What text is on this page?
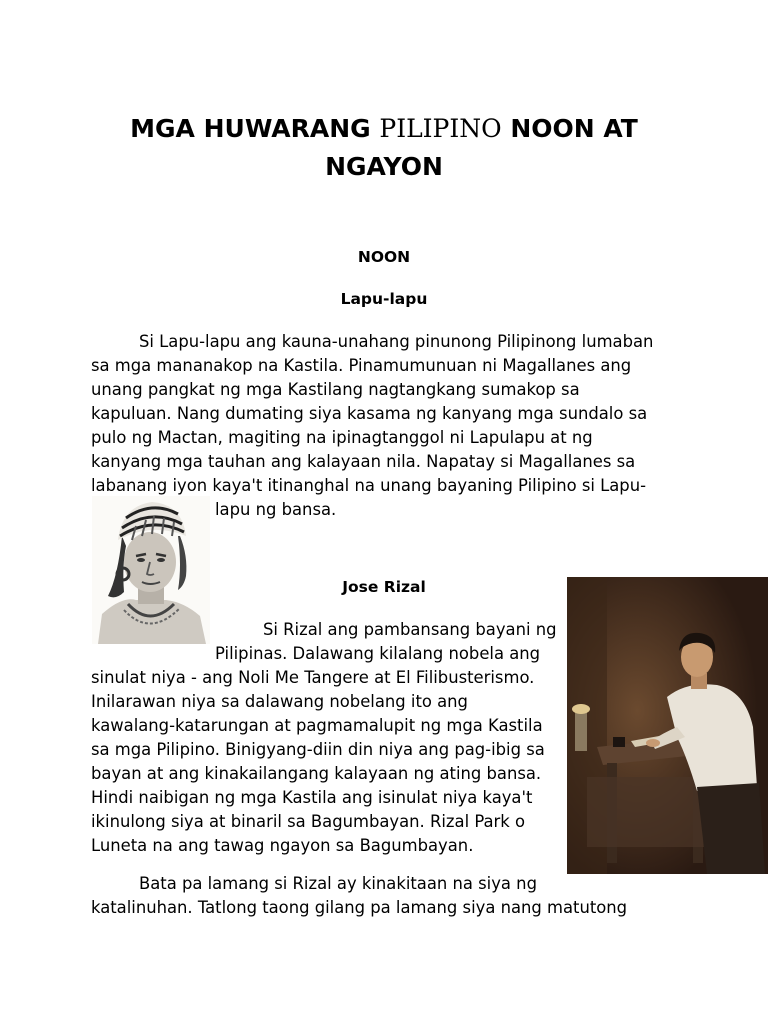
MGA HUWARANG PILIPINO NOON AT
NGAYON
NOON
Lapu-lapu
Si Lapu-lapu ang kauna-unahang pinunong Pilipinong lumaban
sa mga mananakop na Kastila. Pinamumunuan ni Magallanes ang
unang pangkat ng mga Kastilang nagtangkang sumakop sa
kapuluan. Nang dumating siya kasama ng kanyang mga sundalo sa
pulo ng Mactan, magiting na ipinagtanggol ni Lapulapu at ng
kanyang mga tauhan ang kalayaan nila. Napatay si Magallanes sa
labanang iyon kaya't itinanghal na unang bayaning Pilipino si Lapu-
lapu ng bansa.
Jose Rizal
Si Rizal ang pambansang bayani ng
Pilipinas. Dalawang kilalang nobela ang
sinulat niya - ang Noli Me Tangere at El Filibusterismo.
Inilarawan niya sa dalawang nobelang ito ang
kawalang-katarungan at pagmamalupit ng mga Kastila
sa mga Pilipino. Binigyang-diin din niya ang pag-ibig sa
bayan at ang kinakailangang kalayaan ng ating bansa.
Hindi naibigan ng mga Kastila ang isinulat niya kaya't
ikinulong siya at binaril sa Bagumbayan. Rizal Park o
Luneta na ang tawag ngayon sa Bagumbayan.
Bata pa lamang si Rizal ay kinakitaan na siya ng
katalinuhan. Tatlong taong gilang pa lamang siya nang matutong
